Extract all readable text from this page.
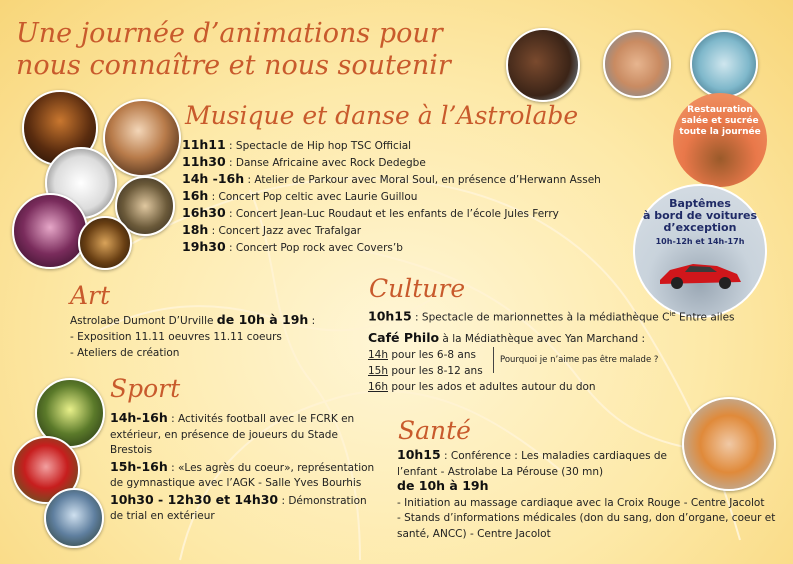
Une journée d’animations pour
nous connaître et nous soutenir
Musique et danse à l’Astrolabe
11h11 : Spectacle de Hip hop TSC Official
11h30 : Danse Africaine avec Rock Dedegbe
14h -16h : Atelier de Parkour avec Moral Soul, en présence d’Herwann Asseh
16h : Concert Pop celtic avec Laurie Guillou
16h30 : Concert Jean-Luc Roudaut et les enfants de l’école Jules Ferry
18h : Concert Jazz avec Trafalgar
19h30 : Concert Pop rock avec Covers’b
Restauration
salée et sucrée
toute la journée
Baptêmes
à bord de voitures
d’exception
10h-12h et 14h-17h
Art
Astrolabe Dumont D’Urville de 10h à 19h :
- Exposition 11.11 oeuvres 11.11 coeurs
- Ateliers de création
Culture
10h15 : Spectacle de marionnettes à la médiathèque $C^{ie}$ Entre ailes
Café Philo à la Médiathèque avec Yan Marchand :
14h pour les 6-8 ans
15h pour les 8-12 ans
16h pour les ados et adultes autour du don
Pourquoi je n’aime pas être malade ?
Sport
14h-16h : Activités football avec le FCRK en extérieur, en présence de joueurs du Stade Brestois
15h-16h : «Les agrès du coeur», représentation de gymnastique avec l’AGK - Salle Yves Bourhis
10h30 - 12h30 et 14h30 : Démonstration de trial en extérieur
Santé
10h15 : Conférence : Les maladies cardiaques de l’enfant - Astrolabe La Pérouse (30 mn)
de 10h à 19h
- Initiation au massage cardiaque avec la Croix Rouge - Centre Jacolot
- Stands d’informations médicales (don du sang, don d’organe, coeur et santé, ANCC) - Centre Jacolot
